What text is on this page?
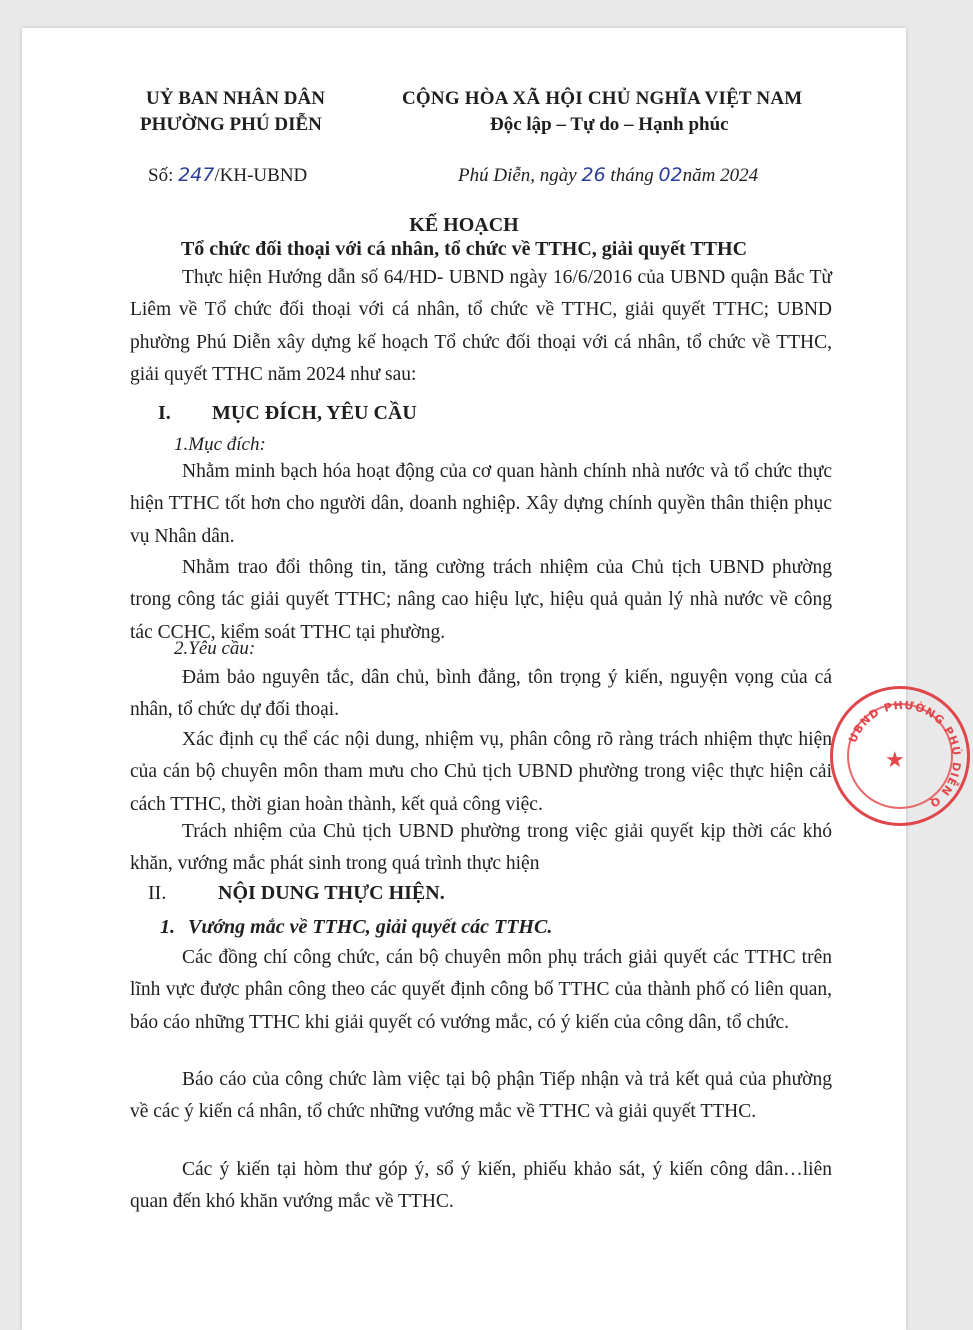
UỶ BAN NHÂN DÂN
PHƯỜNG PHÚ DIỄN
CỘNG HÒA XÃ HỘI CHỦ NGHĨA VIỆT NAM
Độc lập – Tự do – Hạnh phúc
Số: 247/KH-UBND	Phú Diễn, ngày 26 tháng 02năm 2024
KẾ HOẠCH
Tổ chức đối thoại với cá nhân, tổ chức về TTHC, giải quyết TTHC
Thực hiện Hướng dẫn số 64/HD- UBND ngày 16/6/2016 của UBND quận Bắc Từ Liêm về Tổ chức đối thoại với cá nhân, tổ chức về TTHC, giải quyết TTHC; UBND phường Phú Diễn xây dựng kế hoạch Tổ chức đối thoại với cá nhân, tổ chức về TTHC, giải quyết TTHC năm 2024 như sau:
I. MỤC ĐÍCH, YÊU CẦU
1.Mục đích:
Nhằm minh bạch hóa hoạt động của cơ quan hành chính nhà nước và tổ chức thực hiện TTHC tốt hơn cho người dân, doanh nghiệp. Xây dựng chính quyền thân thiện phục vụ Nhân dân.
Nhằm trao đổi thông tin, tăng cường trách nhiệm của Chủ tịch UBND phường trong công tác giải quyết TTHC; nâng cao hiệu lực, hiệu quả quản lý nhà nước về công tác CCHC, kiểm soát TTHC tại phường.
2.Yêu cầu:
Đảm bảo nguyên tắc, dân chủ, bình đẳng, tôn trọng ý kiến, nguyện vọng của cá nhân, tổ chức dự đối thoại.
Xác định cụ thể các nội dung, nhiệm vụ, phân công rõ ràng trách nhiệm thực hiện của cán bộ chuyên môn tham mưu cho Chủ tịch UBND phường trong việc thực hiện cải cách TTHC, thời gian hoàn thành, kết quả công việc.
Trách nhiệm của Chủ tịch UBND phường trong việc giải quyết kịp thời các khó khăn, vướng mắc phát sinh trong quá trình thực hiện
II.	NỘI DUNG THỰC HIỆN.
1. Vướng mắc về TTHC, giải quyết các TTHC.
Các đồng chí công chức, cán bộ chuyên môn phụ trách giải quyết các TTHC trên lĩnh vực được phân công theo các quyết định công bố TTHC của thành phố có liên quan, báo cáo những TTHC khi giải quyết có vướng mắc, có ý kiến của công dân, tổ chức.
Báo cáo của công chức làm việc tại bộ phận Tiếp nhận và trả kết quả của phường về các ý kiến cá nhân, tổ chức những vướng mắc về TTHC và giải quyết TTHC.
Các ý kiến tại hòm thư góp ý, sổ ý kiến, phiếu khảo sát, ý kiến công dân…liên quan đến khó khăn vướng mắc về TTHC.
UBND PHƯỜNG PHÚ DIỄN Q
★
